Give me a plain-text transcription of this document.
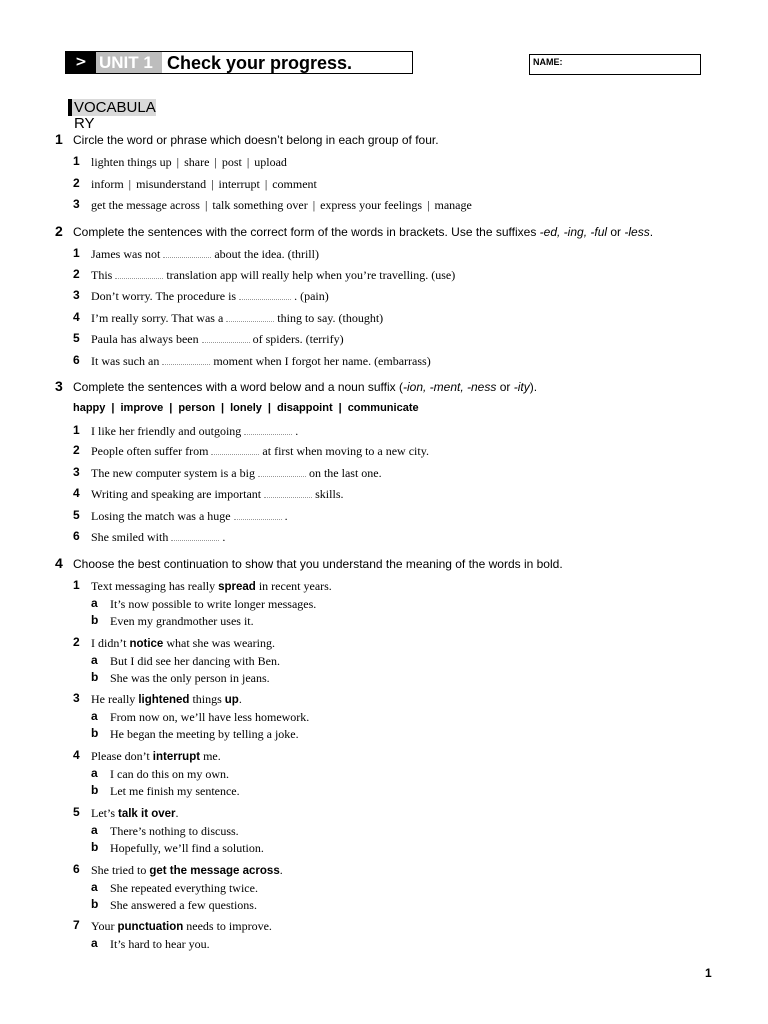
> UNIT 1 Check your progress.	NAME:
VOCABULA
RY
1 Circle the word or phrase which doesn’t belong in each group of four.
1 lighten things up | share | post | upload
2 inform | misunderstand | interrupt | comment
3 get the message across | talk something over | express your feelings | manage
2 Complete the sentences with the correct form of the words in brackets. Use the suffixes -ed, -ing, -ful or -less.
1 James was not	about the idea. (thrill)
2 This	translation app will really help when you’re travelling. (use)
3 Don’t worry. The procedure is	. (pain)
4 I’m really sorry. That was a	thing to say. (thought)
5 Paula has always been	of spiders. (terrify)
6 It was such an	moment when I forgot her name. (embarrass)
3 Complete the sentences with a word below and a noun suffix (-ion, -ment, -ness or -ity).
happy | improve | person | lonely | disappoint | communicate
1 I like her friendly and outgoing	.
2 People often suffer from	at first when moving to a new city.
3 The new computer system is a big	on the last one.
4 Writing and speaking are important	skills.
5 Losing the match was a huge	.
6 She smiled with	.
4 Choose the best continuation to show that you understand the meaning of the words in bold.
1 Text messaging has really spread in recent years.
a It’s now possible to write longer messages.
b Even my grandmother uses it.
2 I didn’t notice what she was wearing.
a But I did see her dancing with Ben.
b She was the only person in jeans.
3 He really lightened things up.
a From now on, we’ll have less homework.
b He began the meeting by telling a joke.
4 Please don’t interrupt me.
a I can do this on my own.
b Let me finish my sentence.
5 Let’s talk it over.
a There’s nothing to discuss.
b Hopefully, we’ll find a solution.
6 She tried to get the message across.
a She repeated everything twice.
b She answered a few questions.
7 Your punctuation needs to improve.
a It’s hard to hear you.
1
